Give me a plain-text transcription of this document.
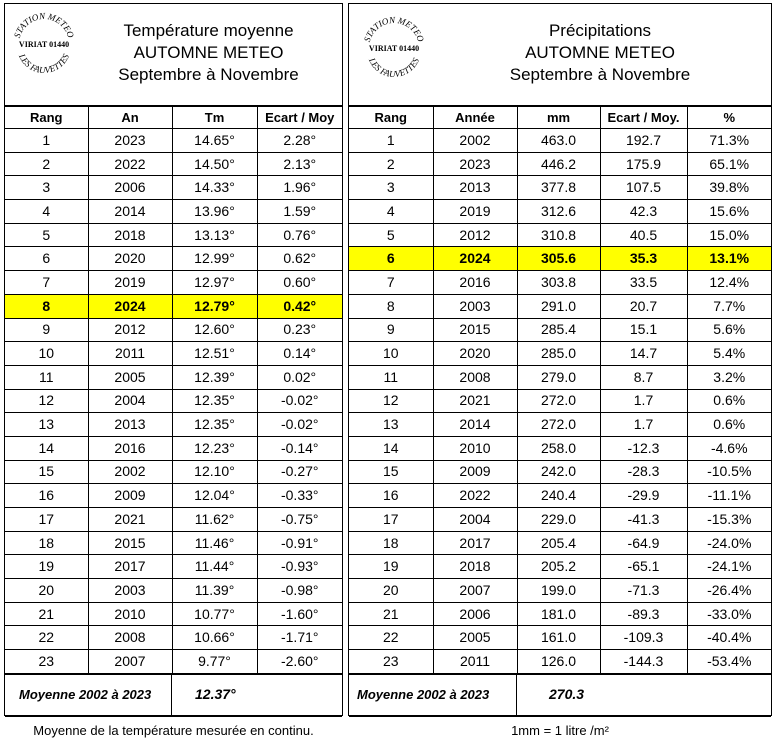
STATION METEO
VIRIAT 01440
LES FAUVETTES
Température moyenne
AUTOMNE METEO
Septembre à Novembre
Rang	An	Tm	Ecart / Moy
1	2023	14.65°	2.28°
2	2022	14.50°	2.13°
3	2006	14.33°	1.96°
4	2014	13.96°	1.59°
5	2018	13.13°	0.76°
6	2020	12.99°	0.62°
7	2019	12.97°	0.60°
8	2024	12.79°	0.42°
9	2012	12.60°	0.23°
10	2011	12.51°	0.14°
11	2005	12.39°	0.02°
12	2004	12.35°	-0.02°
13	2013	12.35°	-0.02°
14	2016	12.23°	-0.14°
15	2002	12.10°	-0.27°
16	2009	12.04°	-0.33°
17	2021	11.62°	-0.75°
18	2015	11.46°	-0.91°
19	2017	11.44°	-0.93°
20	2003	11.39°	-0.98°
21	2010	10.77°	-1.60°
22	2008	10.66°	-1.71°
23	2007	9.77°	-2.60°
Moyenne 2002 à 2023	12.37°
Moyenne de la température mesurée en continu.
STATION METEO
VIRIAT 01440
LES FAUVETTES
Précipitations
AUTOMNE METEO
Septembre à Novembre
Rang	Année	mm	Ecart / Moy.	%
1	2002	463.0	192.7	71.3%
2	2023	446.2	175.9	65.1%
3	2013	377.8	107.5	39.8%
4	2019	312.6	42.3	15.6%
5	2012	310.8	40.5	15.0%
6	2024	305.6	35.3	13.1%
7	2016	303.8	33.5	12.4%
8	2003	291.0	20.7	7.7%
9	2015	285.4	15.1	5.6%
10	2020	285.0	14.7	5.4%
11	2008	279.0	8.7	3.2%
12	2021	272.0	1.7	0.6%
13	2014	272.0	1.7	0.6%
14	2010	258.0	-12.3	-4.6%
15	2009	242.0	-28.3	-10.5%
16	2022	240.4	-29.9	-11.1%
17	2004	229.0	-41.3	-15.3%
18	2017	205.4	-64.9	-24.0%
19	2018	205.2	-65.1	-24.1%
20	2007	199.0	-71.3	-26.4%
21	2006	181.0	-89.3	-33.0%
22	2005	161.0	-109.3	-40.4%
23	2011	126.0	-144.3	-53.4%
Moyenne 2002 à 2023	270.3
1mm = 1 litre /m²
